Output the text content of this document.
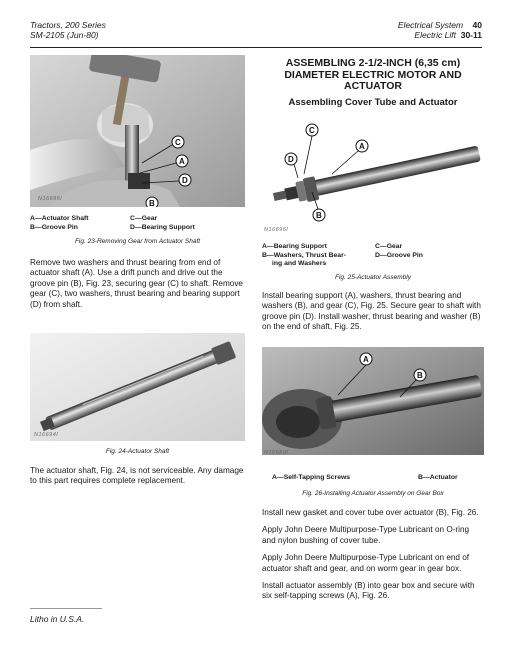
Tractors, 200 Series
SM-2105 (Jun-80)
Electrical System 40
Electric Lift 30-11
C
A
D
B
N16696I
A—Actuator Shaft
B—Groove Pin
C—Gear
D—Bearing Support
Fig. 23-Removing Gear from Actuator Shaft

Remove two washers and thrust bearing from end of actuator shaft (A). Use a drift punch and drive out the groove pin (B), Fig. 23, securing gear (C) to shaft. Remove gear (C), two washers, thrust bearing and bearing support (D) from shaft.

N16694I
Fig. 24-Actuator Shaft

The actuator shaft, Fig. 24, is not serviceable. Any damage to this part requires complete replacement.

Litho in U.S.A.
ASSEMBLING 2-1/2-INCH (6,35 cm)
DIAMETER ELECTRIC MOTOR AND
ACTUATOR
Assembling Cover Tube and Actuator
C
A
D
B
N16696I
A—Bearing Support
B—Washers, Thrust Bear-
ing and Washers
C—Gear
D—Groove Pin
Fig. 25-Actuator Assembly

Install bearing support (A), washers, thrust bearing and washers (B), and gear (C), Fig. 25. Secure gear to shaft with groove pin (D). Install washer, thrust bearing and washer (B) on the end of shaft, Fig. 25.

A
B
N16689I
A—Self-Tapping Screws	B—Actuator
Fig. 26-Installing Actuator Assembly on Gear Box

Install new gasket and cover tube over actuator (B), Fig. 26.

Apply John Deere Multipurpose-Type Lubricant on O-ring and nylon bushing of cover tube.

Apply John Deere Multipurpose-Type Lubricant on end of actuator shaft and gear, and on worm gear in gear box.

Install actuator assembly (B) into gear box and secure with six self-tapping screws (A), Fig. 26.
